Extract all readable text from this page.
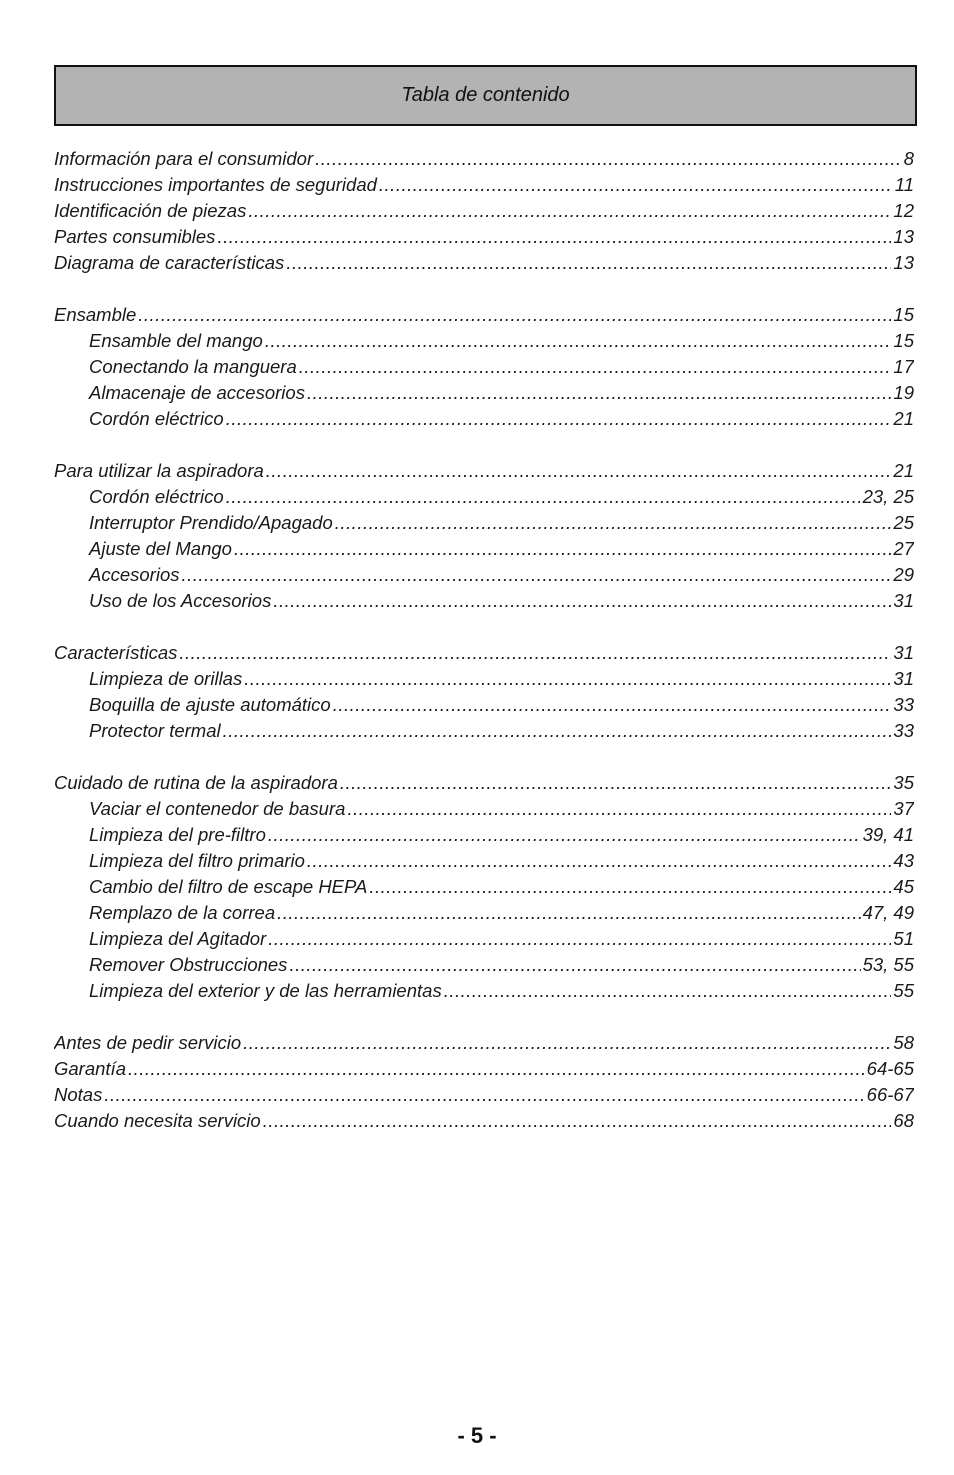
Tabla de contenido
Información para el consumidor .....	8
Instrucciones importantes de seguridad .....	11
Identificación de piezas .....	12
Partes consumibles .....	13
Diagrama de características .....	13
Ensamble .....	15
Ensamble del mango .....	15
Conectando la manguera .....	17
Almacenaje de accesorios .....	19
Cordón eléctrico .....	21
Para utilizar la aspiradora .....	21
Cordón eléctrico .....	23, 25
Interruptor Prendido/Apagado .....	25
Ajuste del Mango .....	27
Accesorios .....	29
Uso de los Accesorios .....	31
Características .....	31
Limpieza de orillas .....	31
Boquilla de ajuste automático .....	33
Protector termal .....	33
Cuidado de rutina de la aspiradora .....	35
Vaciar el contenedor de basura .....	37
Limpieza del pre-filtro .....	39, 41
Limpieza del filtro primario .....	43
Cambio del filtro de escape HEPA .....	45
Remplazo de la correa .....	47, 49
Limpieza del Agitador .....	51
Remover Obstrucciones .....	53, 55
Limpieza del exterior y de las herramientas .....	55
Antes de pedir servicio .....	58
Garantía .....	64-65
Notas .....	66-67
Cuando necesita servicio .....	68
- 5 -
